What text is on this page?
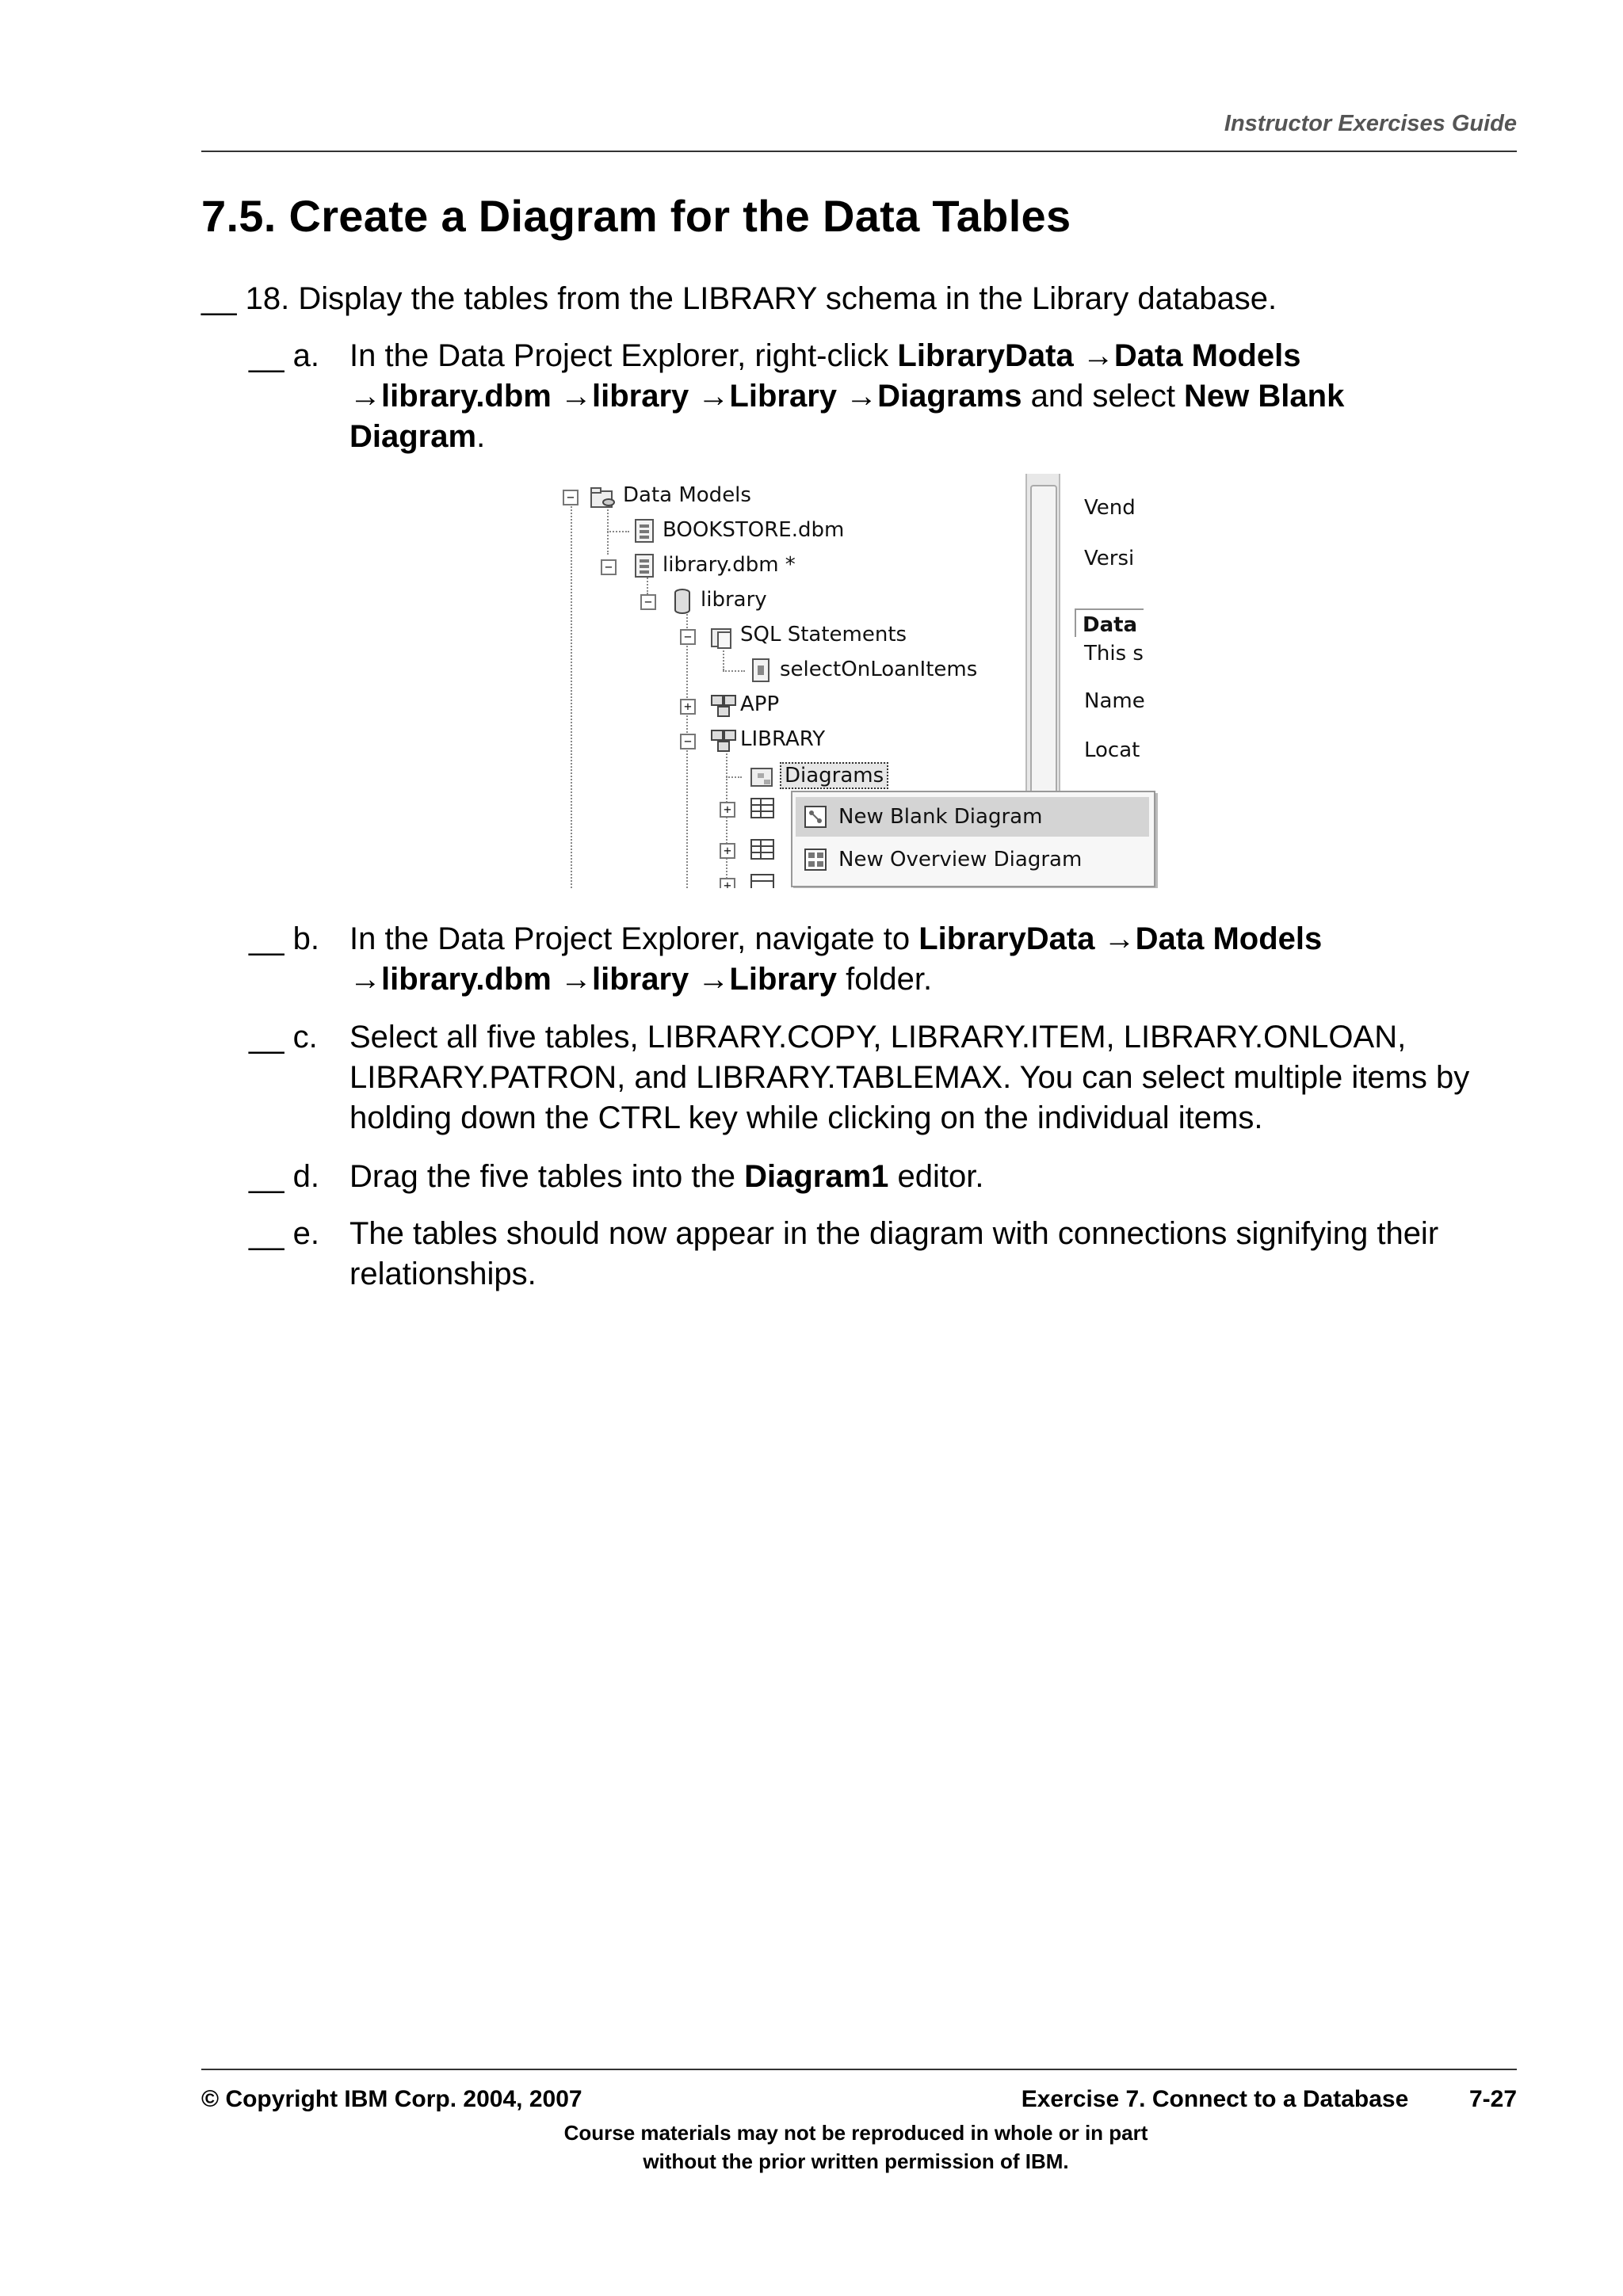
Instructor Exercises Guide
7.5. Create a Diagram for the Data Tables
__ 18. Display the tables from the LIBRARY schema in the Library database.
__ a. In the Data Project Explorer, right-click LibraryData →Data Models
→library.dbm →library →Library →Diagrams and select New Blank
Diagram.
− Data Models
BOOKSTORE.dbm
− library.dbm *
− library
− SQL Statements
selectOnLoanItems
+ APP
− LIBRARY
Diagrams
+
+
+
Vend
Versi
Data
This s
Name
Locat
New Blank Diagram
New Overview Diagram
__ b. In the Data Project Explorer, navigate to LibraryData →Data Models
→library.dbm →library →Library folder.
__ c. Select all five tables, LIBRARY.COPY, LIBRARY.ITEM, LIBRARY.ONLOAN,
LIBRARY.PATRON, and LIBRARY.TABLEMAX. You can select multiple items by
holding down the CTRL key while clicking on the individual items.
__ d. Drag the five tables into the Diagram1 editor.
__ e. The tables should now appear in the diagram with connections signifying their
relationships.
© Copyright IBM Corp. 2004, 2007	Exercise 7. Connect to a Database	7-27
Course materials may not be reproduced in whole or in part
without the prior written permission of IBM.
